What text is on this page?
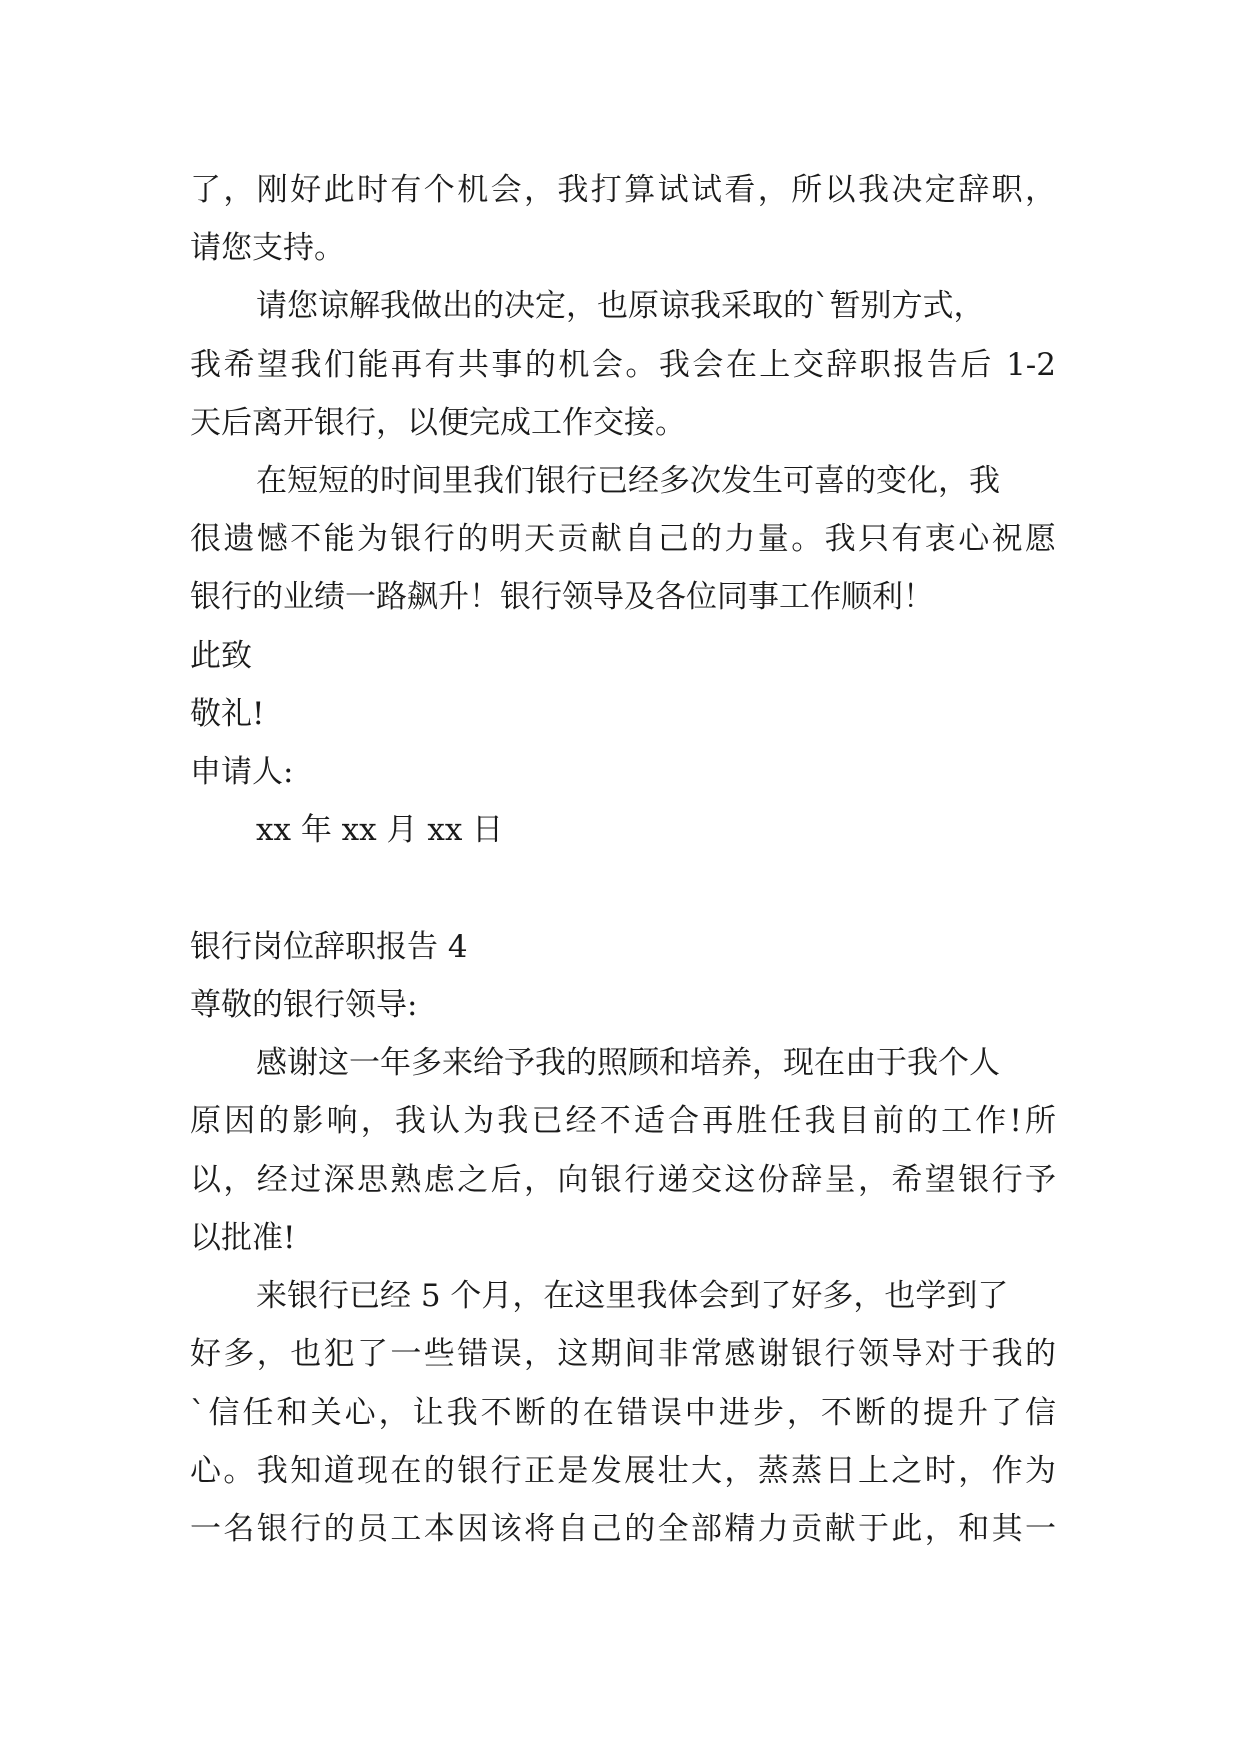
了，刚好此时有个机会，我打算试试看，所以我决定辞职，
请您支持。
请您谅解我做出的决定，也原谅我采取的`暂别方式，
我希望我们能再有共事的机会。我会在上交辞职报告后 1-2
天后离开银行，以便完成工作交接。
在短短的时间里我们银行已经多次发生可喜的变化，我
很遗憾不能为银行的明天贡献自己的力量。我只有衷心祝愿
银行的业绩一路飙升！银行领导及各位同事工作顺利！
此致
敬礼!
申请人:
xx 年 xx 月 xx 日
银行岗位辞职报告 4
尊敬的银行领导:
感谢这一年多来给予我的照顾和培养，现在由于我个人
原因的影响，我认为我已经不适合再胜任我目前的工作!所
以，经过深思熟虑之后，向银行递交这份辞呈，希望银行予
以批准!
来银行已经 5 个月，在这里我体会到了好多，也学到了
好多，也犯了一些错误，这期间非常感谢银行领导对于我的
`信任和关心，让我不断的在错误中进步，不断的提升了信
心。我知道现在的银行正是发展壮大，蒸蒸日上之时，作为
一名银行的员工本因该将自己的全部精力贡献于此，和其一
